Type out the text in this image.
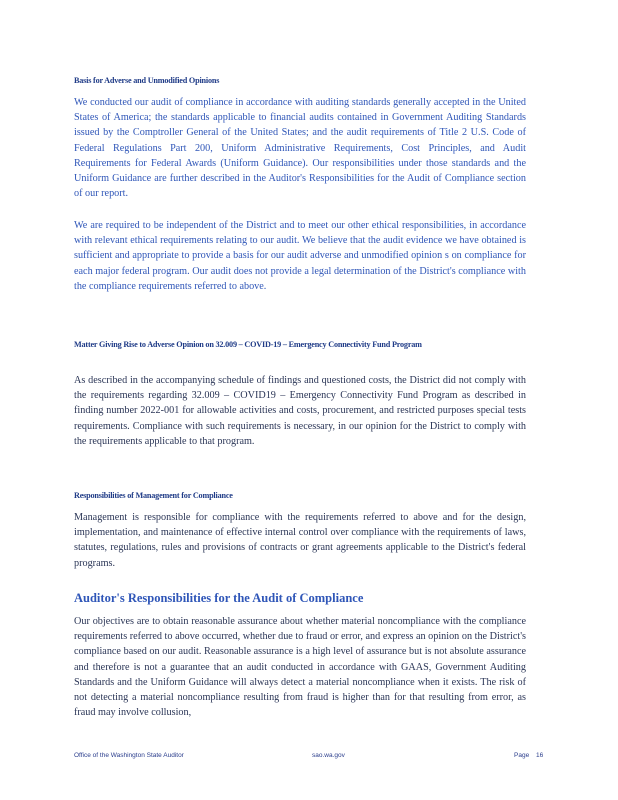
Basis for Adverse and Unmodified Opinions

We conducted our audit of compliance in accordance with auditing standards generally accepted in the United States of America; the standards applicable to financial audits contained in Government Auditing Standards issued by the Comptroller General of the United States; and the audit requirements of Title 2 U.S. Code of Federal Regulations Part 200, Uniform Administrative Requirements, Cost Principles, and Audit Requirements for Federal Awards (Uniform Guidance). Our responsibilities under those standards and the Uniform Guidance are further described in the Auditor's Responsibilities for the Audit of Compliance section of our report.

We are required to be independent of the District and to meet our other ethical responsibilities, in accordance with relevant ethical requirements relating to our audit. We believe that the audit evidence we have obtained is sufficient and appropriate to provide a basis for our audit adverse and unmodified opinion s on compliance for each major federal program. Our audit does not provide a legal determination of the District's compliance with the compliance requirements referred to above.

Matter Giving Rise to Adverse Opinion on 32.009 – COVID-19 – Emergency Connectivity Fund Program

As described in the accompanying schedule of findings and questioned costs, the District did not comply with the requirements regarding 32.009 – COVID19 – Emergency Connectivity Fund Program as described in finding number 2022-001 for allowable activities and costs, procurement, and restricted purposes special tests requirements. Compliance with such requirements is necessary, in our opinion for the District to comply with the requirements applicable to that program.

Responsibilities of Management for Compliance

Management is responsible for compliance with the requirements referred to above and for the design, implementation, and maintenance of effective internal control over compliance with the requirements of laws, statutes, regulations, rules and provisions of contracts or grant agreements applicable to the District's federal programs.

Auditor's Responsibilities for the Audit of Compliance

Our objectives are to obtain reasonable assurance about whether material noncompliance with the compliance requirements referred to above occurred, whether due to fraud or error, and express an opinion on the District's compliance based on our audit. Reasonable assurance is a high level of assurance but is not absolute assurance and therefore is not a guarantee that an audit conducted in accordance with GAAS, Government Auditing Standards and the Uniform Guidance will always detect a material noncompliance when it exists. The risk of not detecting a material noncompliance resulting from fraud is higher than for that resulting from error, as fraud may involve collusion,

Office of the Washington State Auditor	sao.wa.gov	Page 16
